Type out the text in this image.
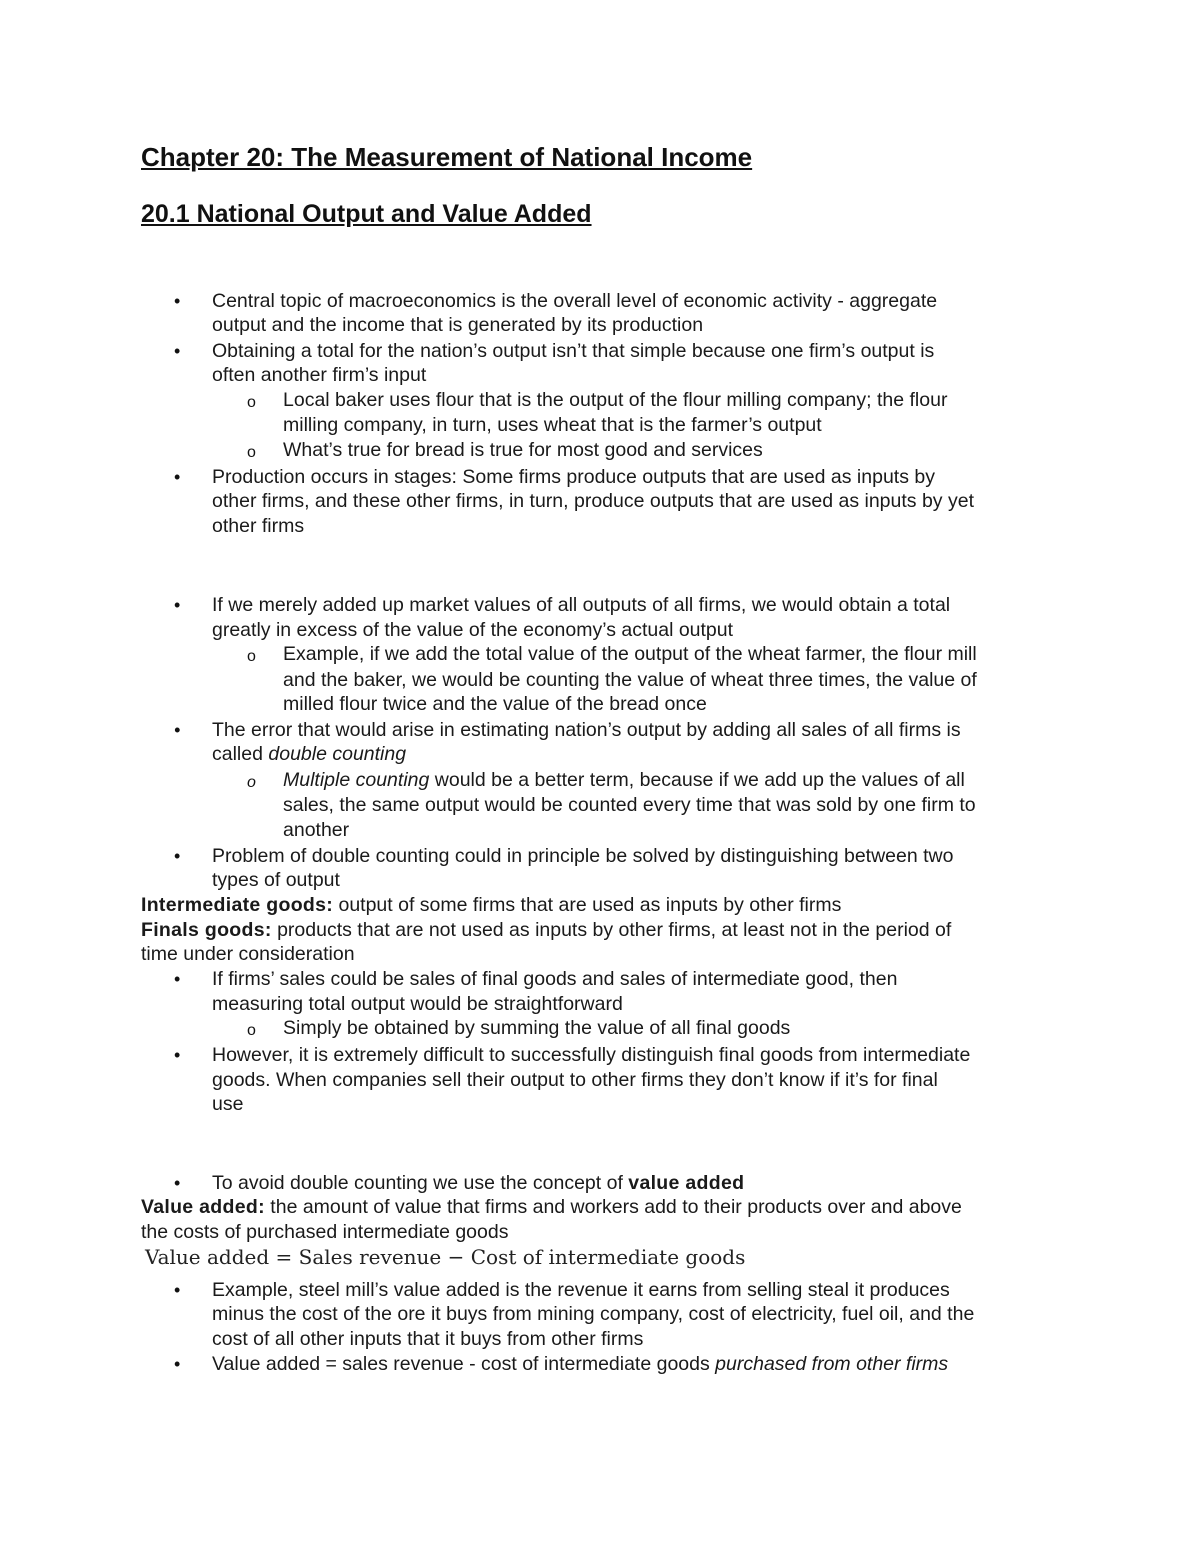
Chapter 20: The Measurement of National Income
20.1 National Output and Value Added
• Central topic of macroeconomics is the overall level of economic activity - aggregate
output and the income that is generated by its production
• Obtaining a total for the nation’s output isn’t that simple because one firm’s output is
often another firm’s input
o Local baker uses flour that is the output of the flour milling company; the flour
milling company, in turn, uses wheat that is the farmer’s output
o What’s true for bread is true for most good and services
• Production occurs in stages: Some firms produce outputs that are used as inputs by
other firms, and these other firms, in turn, produce outputs that are used as inputs by yet
other firms
• If we merely added up market values of all outputs of all firms, we would obtain a total
greatly in excess of the value of the economy’s actual output
o Example, if we add the total value of the output of the wheat farmer, the flour mill
and the baker, we would be counting the value of wheat three times, the value of
milled flour twice and the value of the bread once
• The error that would arise in estimating nation’s output by adding all sales of all firms is
called double counting
o Multiple counting would be a better term, because if we add up the values of all
sales, the same output would be counted every time that was sold by one firm to
another
• Problem of double counting could in principle be solved by distinguishing between two
types of output
Intermediate goods: output of some firms that are used as inputs by other firms
Finals goods: products that are not used as inputs by other firms, at least not in the period of
time under consideration
• If firms’ sales could be sales of final goods and sales of intermediate good, then
measuring total output would be straightforward
o Simply be obtained by summing the value of all final goods
• However, it is extremely difficult to successfully distinguish final goods from intermediate
goods. When companies sell their output to other firms they don’t know if it’s for final
use
• To avoid double counting we use the concept of value added
Value added: the amount of value that firms and workers add to their products over and above
the costs of purchased intermediate goods
Value added = Sales revenue − Cost of intermediate goods
• Example, steel mill’s value added is the revenue it earns from selling steal it produces
minus the cost of the ore it buys from mining company, cost of electricity, fuel oil, and the
cost of all other inputs that it buys from other firms
• Value added = sales revenue - cost of intermediate goods purchased from other firms
